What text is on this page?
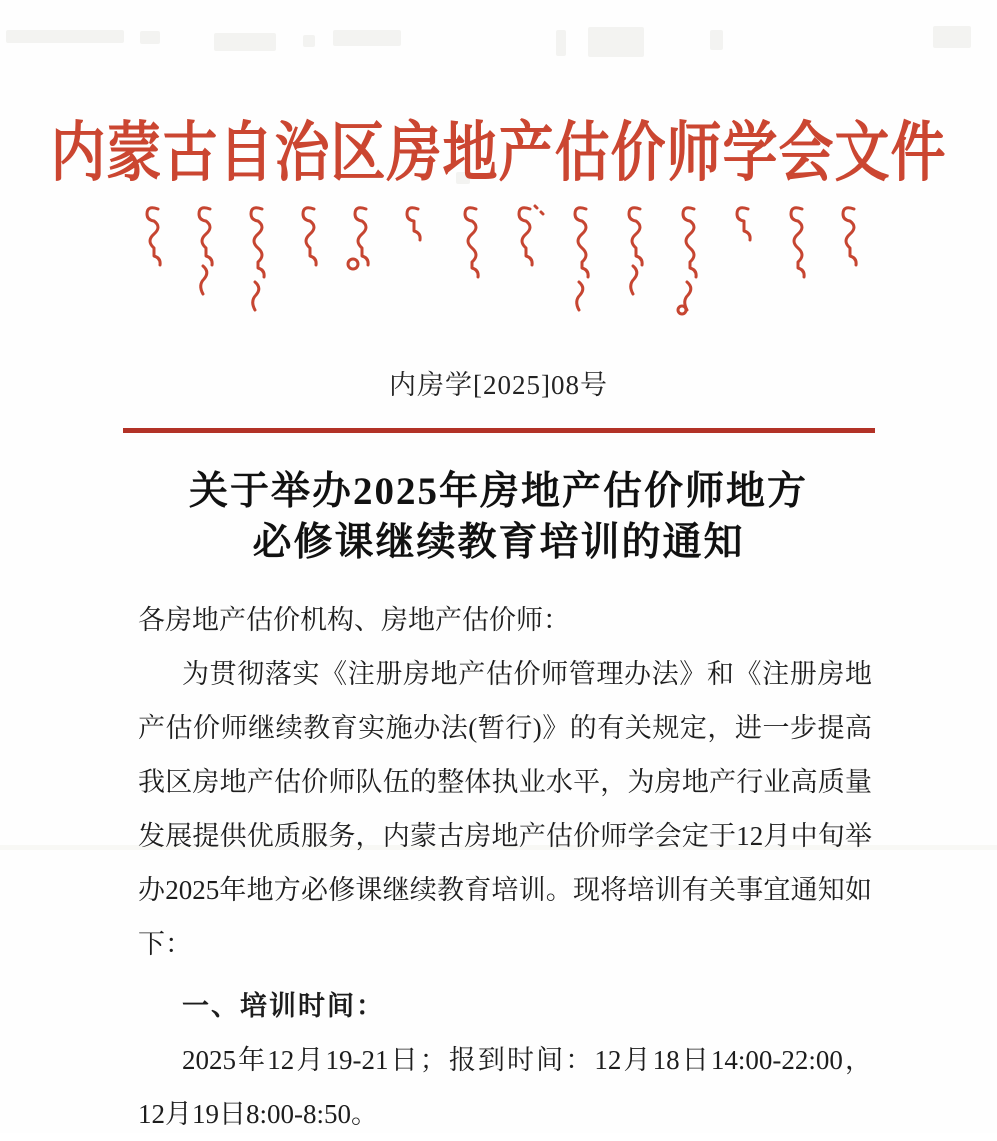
内蒙古自治区房地产估价师学会文件
内房学[2025]08号
关于举办2025年房地产估价师地方
必修课继续教育培训的通知

各房地产估价机构、房地产估价师：

为贯彻落实《注册房地产估价师管理办法》和《注册房地

产估价师继续教育实施办法(暂行)》的有关规定，进一步提高

我区房地产估价师队伍的整体执业水平，为房地产行业高质量

发展提供优质服务，内蒙古房地产估价师学会定于12月中旬举

办2025年地方必修课继续教育培训。现将培训有关事宜通知如

下：

一、培训时间：

2025年12月19-21日；报到时间：12月18日14:00-22:00，

12月19日8:00-8:50。
